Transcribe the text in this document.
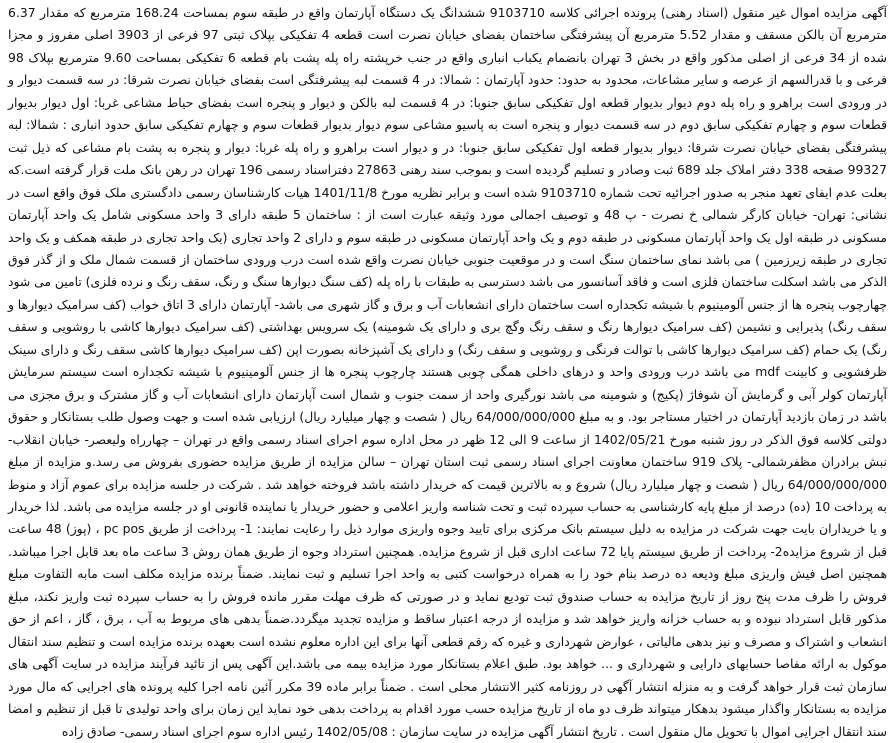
آگهی مزایده اموال غیر منقول (اسناد رهنی) پرونده اجرائی کلاسه 9103710 ششدانگ یک دستگاه آپارتمان واقع در طبقه سوم بمساحت 168.24 مترمربع که مقدار 6.37 مترمربع آن بالکن مسقف و مقدار 5.52 مترمربع آن پیشرفتگی ساختمان بفضای خیابان نصرت است قطعه 4 تفکیکی بپلاک ثبتی 97 فرعی از 3903 اصلی مفروز و مجزا شده از 34 فرعی از اصلی مذکور واقع در بخش 3 تهران بانضمام یکباب انباری واقع در جنب خرپشته راه پله پشت بام قطعه 6 تفکیکی بمساحت 9.60 مترمربع بپلاک 98 فرعی و با قدرالسهم از عرصه و سایر مشاعات، محدود به حدود: حدود آپارتمان : شمالا: در 4 قسمت لبه پیشرفتگی است بفضای خیابان نصرت شرقا: در سه قسمت دیوار و در ورودی است براهرو و راه پله دوم دیوار بدیوار قطعه اول تفکیکی سابق جنوبا: در 4 قسمت لبه بالکن و دیوار و پنجره است بفضای حیاط مشاعی غربا: اول دیوار بدیوار قطعات سوم و چهارم تفکیکی سابق دوم در سه قسمت دیوار و پنجره است به پاسیو مشاعی سوم دیوار بدیوار قطعات سوم و چهارم تفکیکی سابق حدود انباری : شمالا: لبه پیشرفتگی بفضای خیابان نصرت شرقا: دیوار بدیوار قطعه اول تفکیکی سابق جنوبا: در و دیوار است براهرو و راه پله غربا: دیوار و پنجره به پشت بام مشاعی که ذیل ثبت 99327 صفحه 338 دفتر املاک جلد 689 ثبت وصادر و تسلیم گردیده است و بموجب سند رهنی 27863 دفتراسناد رسمی 196 تهران در رهن بانک ملت قرار گرفته است.که بعلت عدم ایفای تعهد منجر به صدور اجرائیه تحت شماره 9103710 شده است و برابر نظریه مورخ 1401/11/8 هیات کارشناسان رسمی دادگستری ملک فوق واقع است در نشانی: تهران- خیابان کارگر شمالی خ نصرت - پ 48 و توصیف اجمالی مورد وثیقه عبارت است از : ساختمان 5 طبقه دارای 3 واحد مسکونی شامل یک واحد آپارتمان مسکونی در طبقه اول یک واحد آپارتمان مسکونی در طبقه دوم و یک واحد آپارتمان مسکونی در طبقه سوم و دارای 2 واحد تجاری (یک واحد تجاری در طبقه همکف و یک واحد تجاری در طبقه زیرزمین ) می باشد نمای ساختمان سنگ است و در موقعیت جنوبی خیابان نصرت واقع شده است درب ورودی ساختمان از قسمت شمال ملک و از گذر فوق الذکر می باشد اسکلت ساختمان فلزی است و فاقد آسانسور می باشد دسترسی به طبقات با راه پله (کف سنگ دیوارها سنگ و رنگ، سقف رنگ و نرده فلزی) تامین می شود چهارچوب پنجره ها از جنس آلومینیوم با شیشه تکجداره است ساختمان دارای انشعابات آب و برق و گاز شهری می باشد- آپارتمان دارای 3 اتاق خواب (کف سرامیک دیوارها و سقف رنگ) پذیرایی و نشیمن (کف سرامیک دیوارها رنگ و سقف رنگ وگچ بری و دارای یک شومینه) یک سرویس بهداشتی (کف سرامیک دیوارها کاشی با روشویی و سقف رنگ) یک حمام (کف سرامیک دیوارها کاشی با توالت فرنگی و روشویی و سقف رنگ) و دارای یک آشپزخانه بصورت اپن (کف سرامیک دیوارها کاشی سقف رنگ و دارای سینک ظرفشویی و کابینت mdf می باشد درب ورودی واحد و درهای داخلی همگی چوبی هستند چارچوب پنجره ها از جنس آلومینیوم با شیشه تکجداره است سیستم سرمایش آپارتمان کولر آبی و گرمایش آن شوفاژ (پکیج) و شومینه می باشد نورگیری واحد از سمت جنوب و شمال است آپارتمان دارای انشعابات آب و گاز مشترک و برق مجزی می باشد در زمان بازدید آپارتمان در اختیار مستاجر بود. و به مبلغ 64/000/000/000 ریال ( شصت و چهار میلیارد ریال) ارزیابی شده است و جهت وصول طلب بستانکار و حقوق دولتی کلاسه فوق الذکر در روز شنبه مورخ 1402/05/21 از ساعت 9 الی 12 ظهر در محل اداره سوم اجرای اسناد رسمی واقع در تهران – چهارراه ولیعصر- خیابان انقلاب- نبش برادران مظفرشمالی- پلاک 919 ساختمان معاونت اجرای اسناد رسمی ثبت استان تهران – سالن مزایده از طریق مزایده حضوری بفروش می رسد.و مزایده از مبلغ 64/000/000/000 ریال ( شصت و چهار میلیارد ریال) شروع و به بالاترین قیمت که خریدار داشته باشد فروخته خواهد شد . شرکت در جلسه مزایده برای عموم آزاد و منوط به پرداخت 10 (ده) درصد از مبلغ پایه کارشناسی به حساب سپرده ثبت و تحت شناسه واریز اعلامی و حضور خریدار یا نماینده قانونی او در جلسه مزایده می باشد. لذا خریدار و یا خریداران بایت جهت شرکت در مزایده به دلیل سیستم بانک مرکزی برای تایید وجوه واریزی موارد ذیل را رعایت نمایند: 1- پرداخت از طریق pc pos ، (پوز) 48 ساعت قبل از شروع مزایده2- پرداخت از طریق سیستم پایا 72 ساعت اداری قبل از شروع مزایده. همچنین استرداد وجوه از طریق همان روش 3 ساعت ماه بعد قابل اجرا میباشد. همچنین اصل فیش واریزی مبلغ ودیعه ده درصد بنام خود را به همراه درخواست کتبی به واحد اجرا تسلیم و ثبت نمایند. ضمناً برنده مزایده مکلف است مابه التفاوت مبلغ فروش را ظرف مدت پنج روز از تاریخ مزایده به حساب صندوق ثبت تودیع نماید و در صورتی که ظرف مهلت مقرر مانده فروش را به حساب سپرده ثبت واریز نکند، مبلغ مذکور قابل استرداد نبوده و به حساب خزانه واریز خواهد شد و مزایده از درجه اعتبار ساقط و مزایده تجدید میگردد.ضمناً بدهی های مربوط به آب ، برق ، گاز ، اعم از حق انشعاب و اشتراک و مصرف و نیز بدهی مالیاتی ، عوارض شهرداری و غیره که رقم قطعی آنها برای این اداره معلوم نشده است بعهده برنده مزایده است و تنظیم سند انتقال موکول به ارائه مفاصا حسابهای دارایی و شهرداری و ... خواهد بود. طبق اعلام بستانکار مورد مزایده بیمه می باشد.این آگهی پس از تائید فرآیند مزایده در سایت آگهی های سازمان ثبت قرار خواهد گرفت و به منزله انتشار آگهی در روزنامه کثیر الانتشار محلی است . ضمناً برابر ماده 39 مکرر آئین نامه اجرا کلیه پرونده های اجرایی که مال مورد مزایده به بستانکار واگذار میشود بدهکار میتواند ظرف دو ماه از تاریخ مزایده حسب مورد اقدام به پرداخت بدهی خود نماید این زمان برای واحد تولیدی تا قبل از تنظیم و امضا سند انتقال اجرایی اموال با تحویل مال منقول است . تاریخ انتشار آگهی مزایده در سایت سازمان : 1402/05/08 رئیس اداره سوم اجرای اسناد رسمی- صادق زاده
